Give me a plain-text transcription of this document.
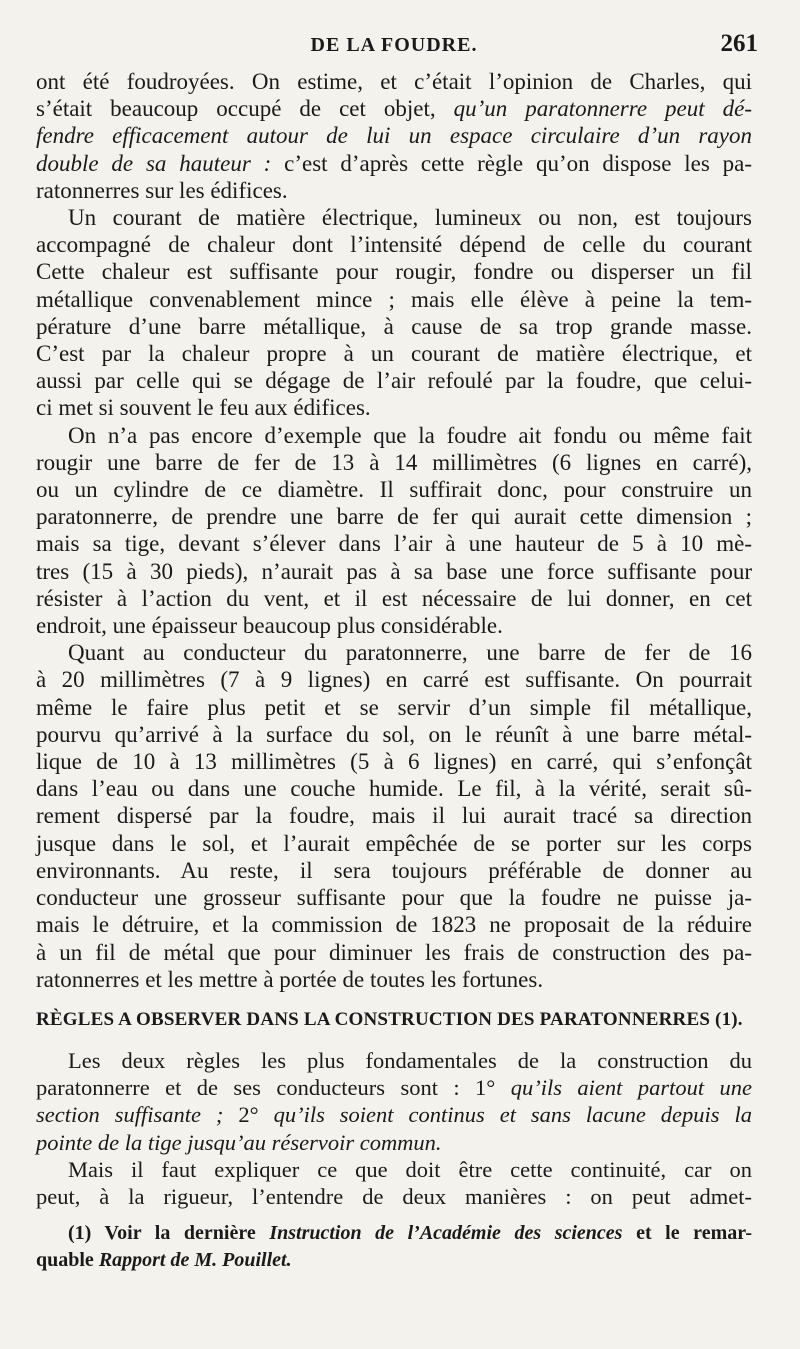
DE LA FOUDRE.	261
ont été foudroyées. On estime, et c’était l’opinion de Charles, qui
s’était beaucoup occupé de cet objet, qu’un paratonnerre peut dé-
fendre efficacement autour de lui un espace circulaire d’un rayon
double de sa hauteur : c’est d’après cette règle qu’on dispose les pa-
ratonnerres sur les édifices.
Un courant de matière électrique, lumineux ou non, est toujours
accompagné de chaleur dont l’intensité dépend de celle du courant
Cette chaleur est suffisante pour rougir, fondre ou disperser un fil
métallique convenablement mince ; mais elle élève à peine la tem-
pérature d’une barre métallique, à cause de sa trop grande masse.
C’est par la chaleur propre à un courant de matière électrique, et
aussi par celle qui se dégage de l’air refoulé par la foudre, que celui-
ci met si souvent le feu aux édifices.
On n’a pas encore d’exemple que la foudre ait fondu ou même fait
rougir une barre de fer de 13 à 14 millimètres (6 lignes en carré),
ou un cylindre de ce diamètre. Il suffirait donc, pour construire un
paratonnerre, de prendre une barre de fer qui aurait cette dimension ;
mais sa tige, devant s’élever dans l’air à une hauteur de 5 à 10 mè-
tres (15 à 30 pieds), n’aurait pas à sa base une force suffisante pour
résister à l’action du vent, et il est nécessaire de lui donner, en cet
endroit, une épaisseur beaucoup plus considérable.
Quant au conducteur du paratonnerre, une barre de fer de 16
à 20 millimètres (7 à 9 lignes) en carré est suffisante. On pourrait
même le faire plus petit et se servir d’un simple fil métallique,
pourvu qu’arrivé à la surface du sol, on le réunît à une barre métal-
lique de 10 à 13 millimètres (5 à 6 lignes) en carré, qui s’enfonçât
dans l’eau ou dans une couche humide. Le fil, à la vérité, serait sû-
rement dispersé par la foudre, mais il lui aurait tracé sa direction
jusque dans le sol, et l’aurait empêchée de se porter sur les corps
environnants. Au reste, il sera toujours préférable de donner au
conducteur une grosseur suffisante pour que la foudre ne puisse ja-
mais le détruire, et la commission de 1823 ne proposait de la réduire
à un fil de métal que pour diminuer les frais de construction des pa-
ratonnerres et les mettre à portée de toutes les fortunes.
RÈGLES A OBSERVER DANS LA CONSTRUCTION DES PARATONNERRES (1).
Les deux règles les plus fondamentales de la construction du
paratonnerre et de ses conducteurs sont : 1° qu’ils aient partout une
section suffisante ; 2° qu’ils soient continus et sans lacune depuis la
pointe de la tige jusqu’au réservoir commun.
Mais il faut expliquer ce que doit être cette continuité, car on
peut, à la rigueur, l’entendre de deux manières : on peut admet-
(1) Voir la dernière Instruction de l’Académie des sciences et le remar-
quable Rapport de M. Pouillet.
